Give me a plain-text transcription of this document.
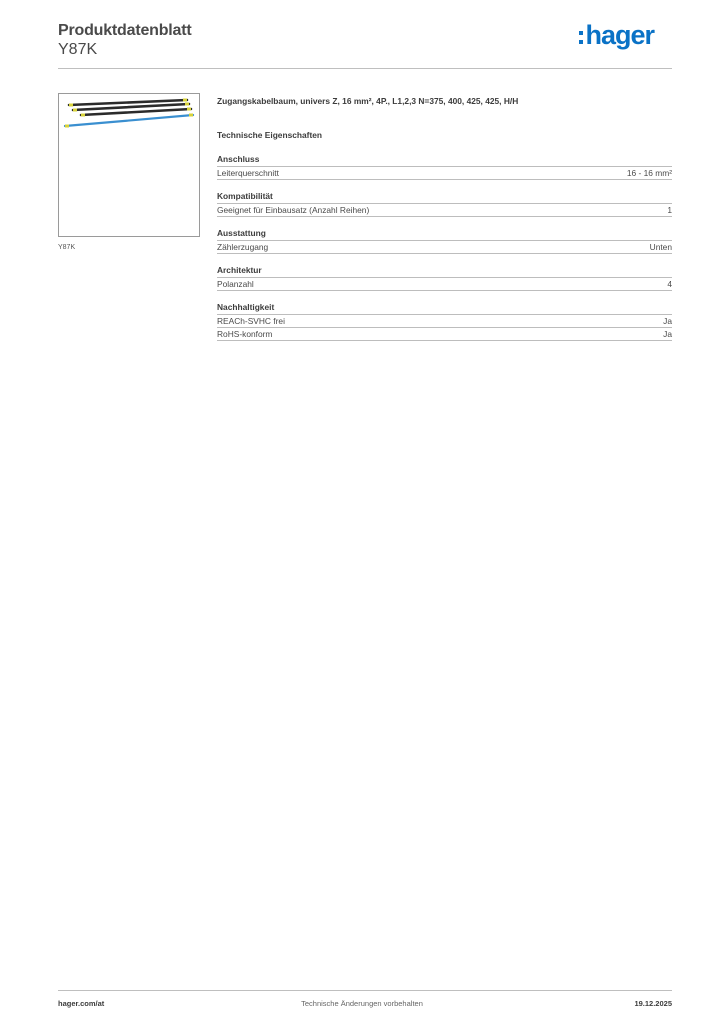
Produktdatenblatt
Y87K	hager
Y87K
Zugangskabelbaum, univers Z, 16 mm², 4P., L1,2,3 N=375, 400, 425, 425, H/H
Technische Eigenschaften
Anschluss
Leiterquerschnitt	16 - 16 mm²
Kompatibilität
Geeignet für Einbausatz (Anzahl Reihen)	1
Ausstattung
Zählerzugang	Unten
Architektur
Polanzahl	4
Nachhaltigkeit
REACh-SVHC frei	Ja
RoHS-konform	Ja
hager.com/at	Technische Änderungen vorbehalten	19.12.2025
